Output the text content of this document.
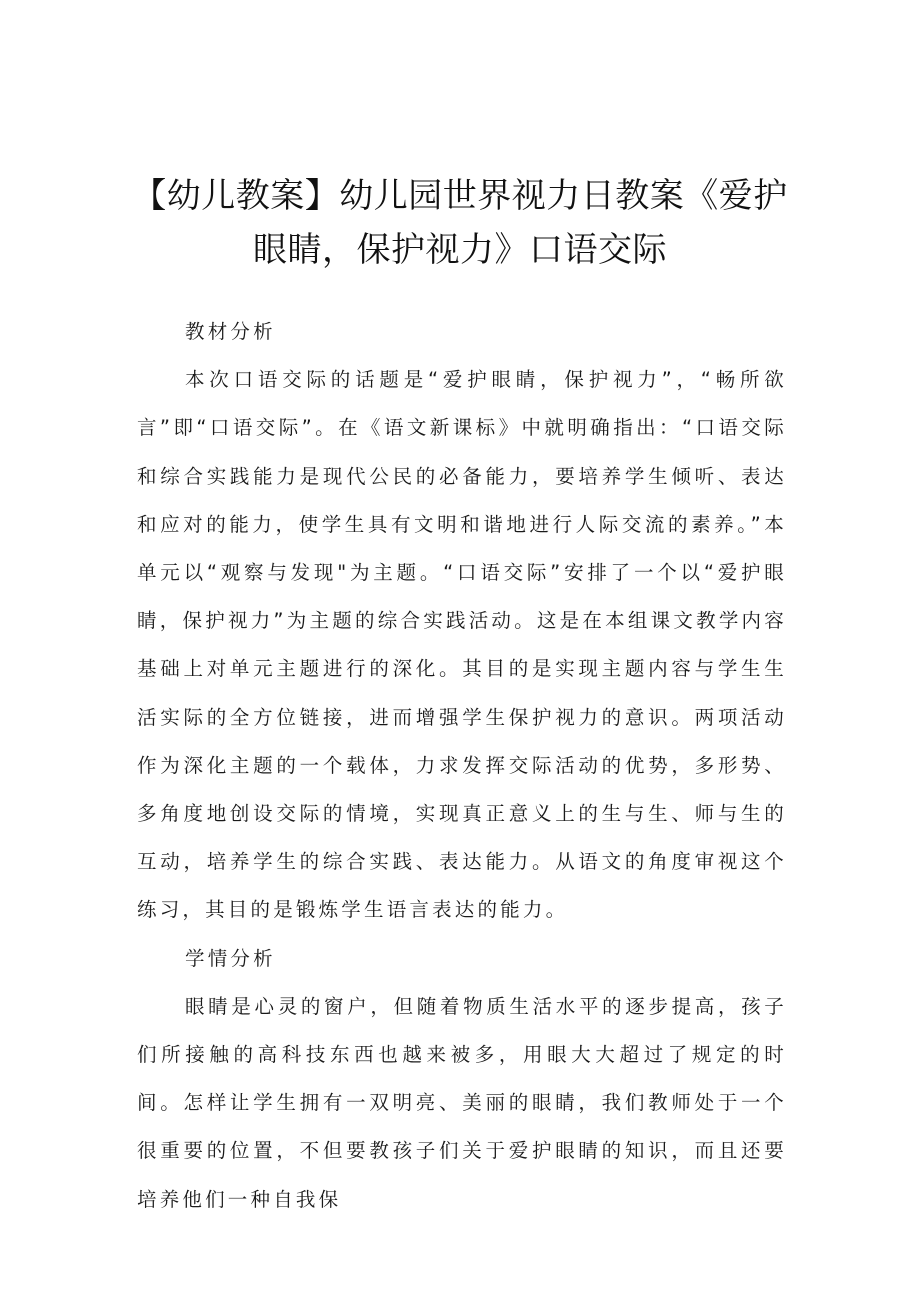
【幼儿教案】幼儿园世界视力日教案《爱护眼睛，保护视力》口语交际

教材分析

本次口语交际的话题是“爱护眼睛，保护视力”，“畅所欲言”即“口语交际”。在《语文新课标》中就明确指出：“口语交际和综合实践能力是现代公民的必备能力，要培养学生倾听、表达和应对的能力，使学生具有文明和谐地进行人际交流的素养。”本单元以“观察与发现"为主题。“口语交际”安排了一个以“爱护眼睛，保护视力”为主题的综合实践活动。这是在本组课文教学内容基础上对单元主题进行的深化。其目的是实现主题内容与学生生活实际的全方位链接，进而增强学生保护视力的意识。两项活动作为深化主题的一个载体，力求发挥交际活动的优势，多形势、多角度地创设交际的情境，实现真正意义上的生与生、师与生的互动，培养学生的综合实践、表达能力。从语文的角度审视这个练习，其目的是锻炼学生语言表达的能力。

学情分析

眼睛是心灵的窗户，但随着物质生活水平的逐步提高，孩子们所接触的高科技东西也越来被多，用眼大大超过了规定的时间。怎样让学生拥有一双明亮、美丽的眼睛，我们教师处于一个很重要的位置，不但要教孩子们关于爱护眼睛的知识，而且还要培养他们一种自我保
